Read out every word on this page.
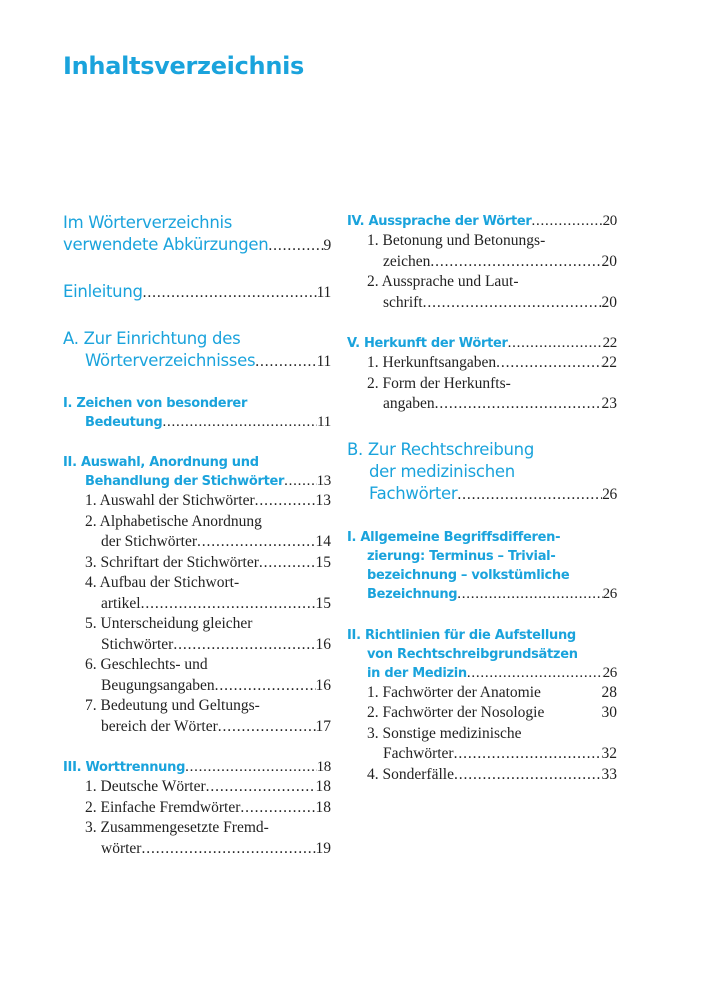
Inhaltsverzeichnis
Im Wörterverzeichnis
verwendete Abkürzungen . . .	9
Einleitung . . .	11
A. Zur Einrichtung des
Wörterverzeichnisses . . .	11
I. Zeichen von besonderer
Bedeutung . . .	11
II. Auswahl, Anordnung und
Behandlung der Stichwörter . . . 13
1. Auswahl der Stichwörter . . .	13
2. Alphabetische Anordnung
der Stichwörter . . .	14
3. Schriftart der Stichwörter . . .	15
4. Aufbau der Stichwort-
artikel . . .	15
5. Unterscheidung gleicher
Stichwörter . . .	16
6. Geschlechts- und
Beugungsangaben . . .	16
7. Bedeutung und Geltungs-
bereich der Wörter . . .	17
III. Worttrennung . . .	18
1. Deutsche Wörter . . .	18
2. Einfache Fremdwörter . . .	18
3. Zusammengesetzte Fremd-
wörter . . .	19
IV. Aussprache der Wörter . . .	20
1. Betonung und Betonungs-
zeichen . . .	20
2. Aussprache und Laut-
schrift . . .	20
V. Herkunft der Wörter . . .	22
1. Herkunftsangaben . . .	22
2. Form der Herkunfts-
angaben . . .	23
B. Zur Rechtschreibung
der medizinischen
Fachwörter . . .	26
I. Allgemeine Begriffsdifferen-
zierung: Terminus – Trivial-
bezeichnung – volkstümliche
Bezeichnung . . .	26
II. Richtlinien für die Aufstellung
von Rechtschreibgrundsätzen
in der Medizin . . .	26
1. Fachwörter der Anatomie	28
2. Fachwörter der Nosologie	30
3. Sonstige medizinische
Fachwörter . . .	32
4. Sonderfälle . . .	33
